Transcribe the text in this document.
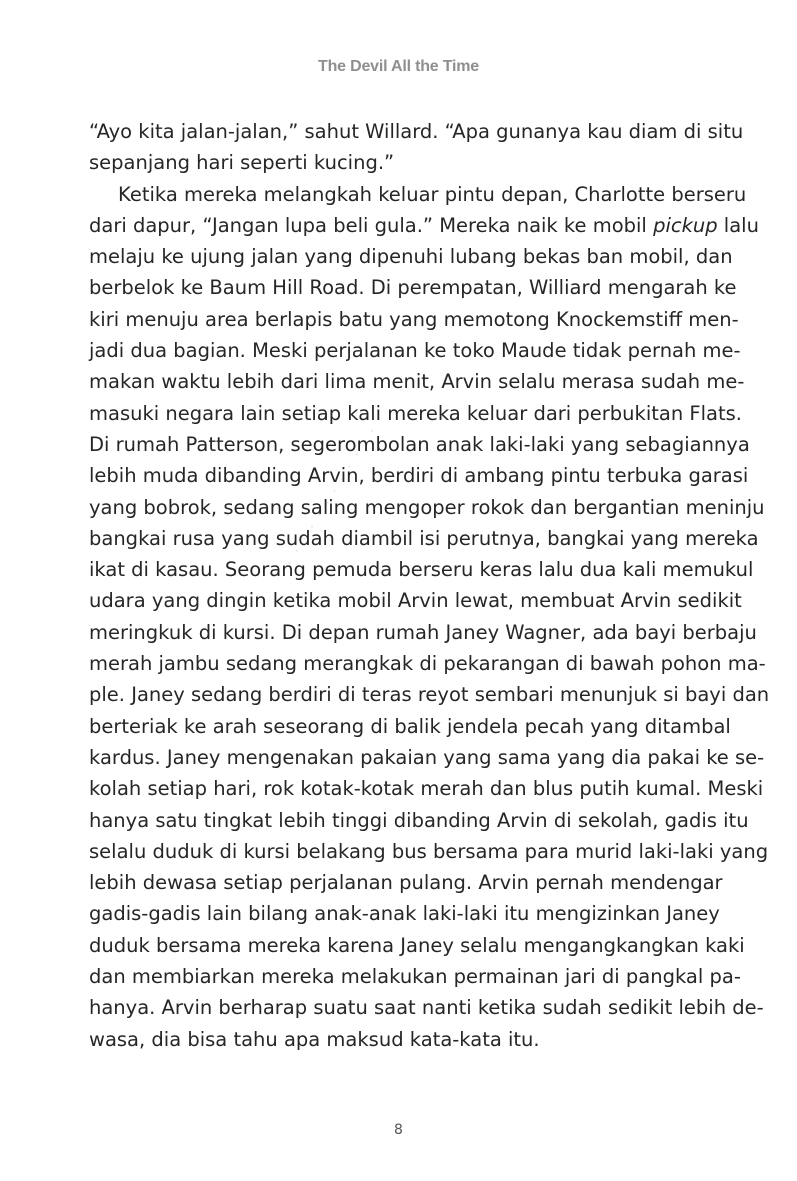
The Devil All the Time
· · · · · · · · · · · ·
“Ayo kita jalan-jalan,” sahut Willard. “Apa gunanya kau diam di situ
sepanjang hari seperti kucing.”
Ketika mereka melangkah keluar pintu depan, Charlotte berseru
dari dapur, “Jangan lupa beli gula.” Mereka naik ke mobil pickup lalu
melaju ke ujung jalan yang dipenuhi lubang bekas ban mobil, dan
berbelok ke Baum Hill Road. Di perempatan, Williard mengarah ke
kiri menuju area berlapis batu yang memotong Knockemstiff men-
jadi dua bagian. Meski perjalanan ke toko Maude tidak pernah me-
makan waktu lebih dari lima menit, Arvin selalu merasa sudah me-
masuki negara lain setiap kali mereka keluar dari perbukitan Flats.
Di rumah Patterson, segerombolan anak laki-laki yang sebagiannya
lebih muda dibanding Arvin, berdiri di ambang pintu terbuka garasi
yang bobrok, sedang saling mengoper rokok dan bergantian meninju
bangkai rusa yang sudah diambil isi perutnya, bangkai yang mereka
ikat di kasau. Seorang pemuda berseru keras lalu dua kali memukul
udara yang dingin ketika mobil Arvin lewat, membuat Arvin sedikit
meringkuk di kursi. Di depan rumah Janey Wagner, ada bayi berbaju
merah jambu sedang merangkak di pekarangan di bawah pohon ma-
ple. Janey sedang berdiri di teras reyot sembari menunjuk si bayi dan
berteriak ke arah seseorang di balik jendela pecah yang ditambal
kardus. Janey mengenakan pakaian yang sama yang dia pakai ke se-
kolah setiap hari, rok kotak-kotak merah dan blus putih kumal. Meski
hanya satu tingkat lebih tinggi dibanding Arvin di sekolah, gadis itu
selalu duduk di kursi belakang bus bersama para murid laki-laki yang
lebih dewasa setiap perjalanan pulang. Arvin pernah mendengar
gadis-gadis lain bilang anak-anak laki-laki itu mengizinkan Janey
duduk bersama mereka karena Janey selalu mengangkangkan kaki
dan membiarkan mereka melakukan permainan jari di pangkal pa-
hanya. Arvin berharap suatu saat nanti ketika sudah sedikit lebih de-
wasa, dia bisa tahu apa maksud kata-kata itu.
8
